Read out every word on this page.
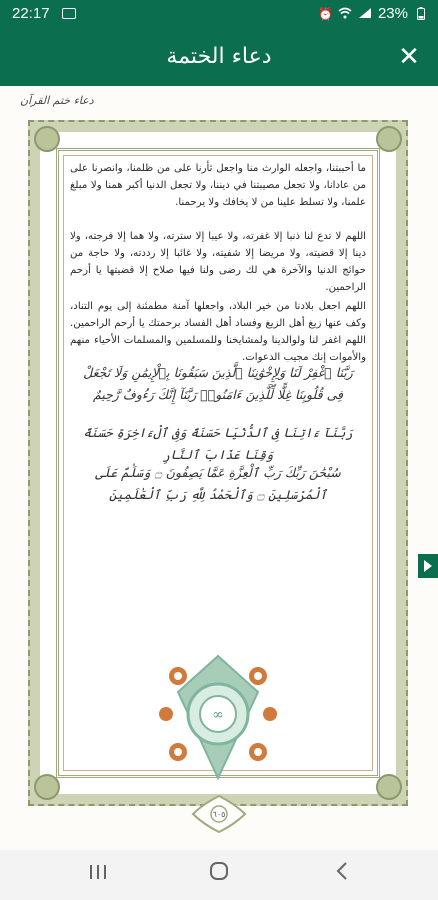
22:17	⏰	23%
دعاء الختمة	✕
دعاء ختم القرآن
ما أحببتنا، واجعله الوارث منا واجعل ثأرنا على من ظلمنا، وانصرنا على من عادانا، ولا تجعل مصيبتنا في ديننا، ولا تجعل الدنيا أكبر همنا ولا مبلغ علمنا، ولا تسلط علينا من لا يخافك ولا يرحمنا.
اللهم لا تدع لنا ذنبا إلا غفرته، ولا عيبا إلا سترته، ولا هما إلا فرجته، ولا دينا إلا قضيته، ولا مريضا إلا شفيته، ولا غائبا إلا رددته، ولا حاجة من حوائج الدنيا والآخرة هي لك رضى ولنا فيها صلاح إلا قضيتها يا أرحم الراحمين.
اللهم اجعل بلادنا من خير البلاد، واجعلها آمنة مطمئنة إلى يوم التناد، وكف عنها زيغ أهل الزيغ وفساد أهل الفساد برحمتك يا أرحم الراحمين. اللهم اغفر لنا ولوالدينا ولمشايخنا وللمسلمين والمسلمات الأحياء منهم والأموات إنك مجيب الدعوات.
رَبَّنَا ٱغْفِرْ لَنَا وَلِإِخْوَٰنِنَا ٱلَّذِينَ سَبَقُونَا بِٱلْإِيمَٰنِ وَلَا تَجْعَلْ فِى قُلُوبِنَا غِلًّا لِّلَّذِينَ ءَامَنُوا۟ رَبَّنَآ إِنَّكَ رَءُوفٌ رَّحِيمٌ
رَبَّنَآ ءَاتِنَا فِى ٱلدُّنْيَا حَسَنَةً وَفِى ٱلْءَاخِرَةِ حَسَنَةً وَقِنَا عَذَابَ ٱلنَّارِ
سُبْحَٰنَ رَبِّكَ رَبِّ ٱلْعِزَّةِ عَمَّا يَصِفُونَ ۝ وَسَلَٰمٌ عَلَى ٱلْمُرْسَلِينَ ۝ وَٱلْحَمْدُ لِلَّهِ رَبِّ ٱلْعَٰلَمِينَ
∞
٦٠٥
